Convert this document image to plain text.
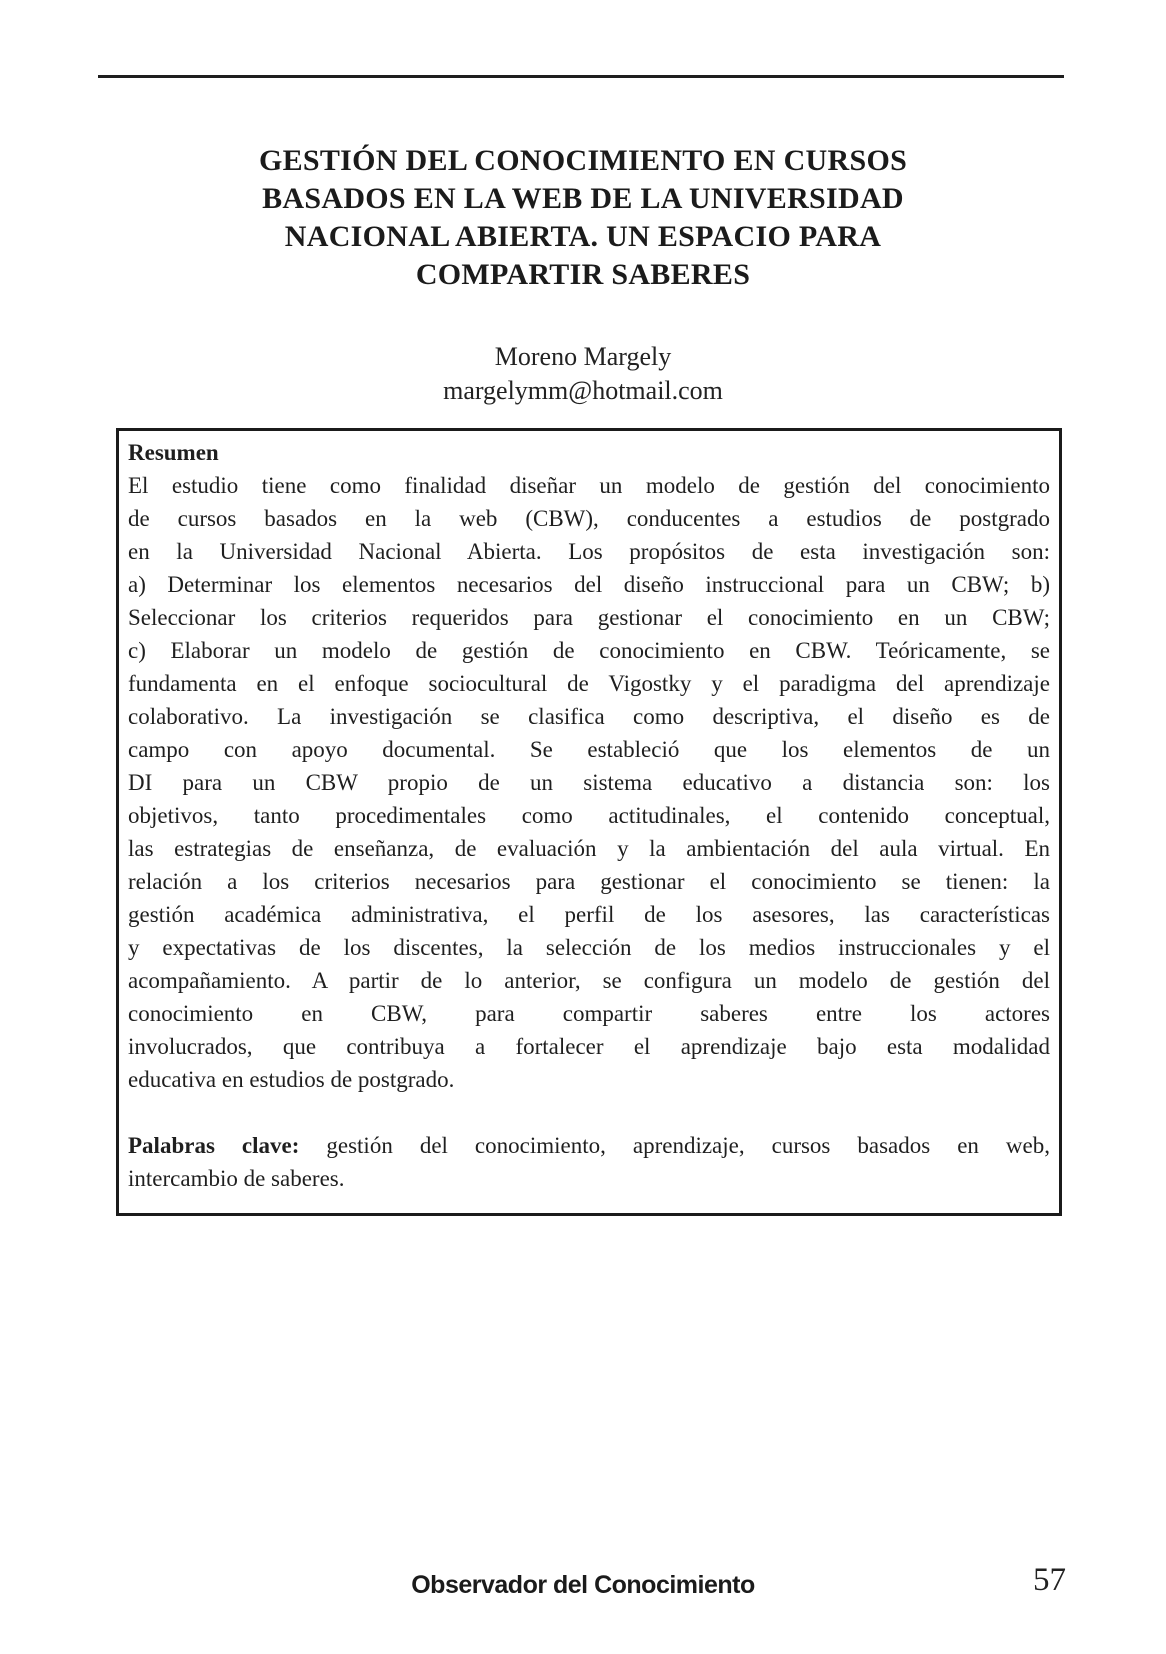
GESTIÓN DEL CONOCIMIENTO EN CURSOS
BASADOS EN LA WEB DE LA UNIVERSIDAD
NACIONAL ABIERTA. UN ESPACIO PARA
COMPARTIR SABERES
Moreno Margely
margelymm@hotmail.com
Resumen
El estudio tiene como finalidad diseñar un modelo de gestión del conocimiento
de cursos basados en la web (CBW), conducentes a estudios de postgrado
en la Universidad Nacional Abierta. Los propósitos de esta investigación son:
a) Determinar los elementos necesarios del diseño instruccional para un CBW; b)
Seleccionar los criterios requeridos para gestionar el conocimiento en un CBW;
c) Elaborar un modelo de gestión de conocimiento en CBW. Teóricamente, se
fundamenta en el enfoque sociocultural de Vigostky y el paradigma del aprendizaje
colaborativo. La investigación se clasifica como descriptiva, el diseño es de
campo con apoyo documental. Se estableció que los elementos de un
DI para un CBW propio de un sistema educativo a distancia son: los
objetivos, tanto procedimentales como actitudinales, el contenido conceptual,
las estrategias de enseñanza, de evaluación y la ambientación del aula virtual. En
relación a los criterios necesarios para gestionar el conocimiento se tienen: la
gestión académica administrativa, el perfil de los asesores, las características
y expectativas de los discentes, la selección de los medios instruccionales y el
acompañamiento. A partir de lo anterior, se configura un modelo de gestión del
conocimiento en CBW, para compartir saberes entre los actores
involucrados, que contribuya a fortalecer el aprendizaje bajo esta modalidad
educativa en estudios de postgrado.
Palabras clave: gestión del conocimiento, aprendizaje, cursos basados en web,
intercambio de saberes.
Observador del Conocimiento	57
